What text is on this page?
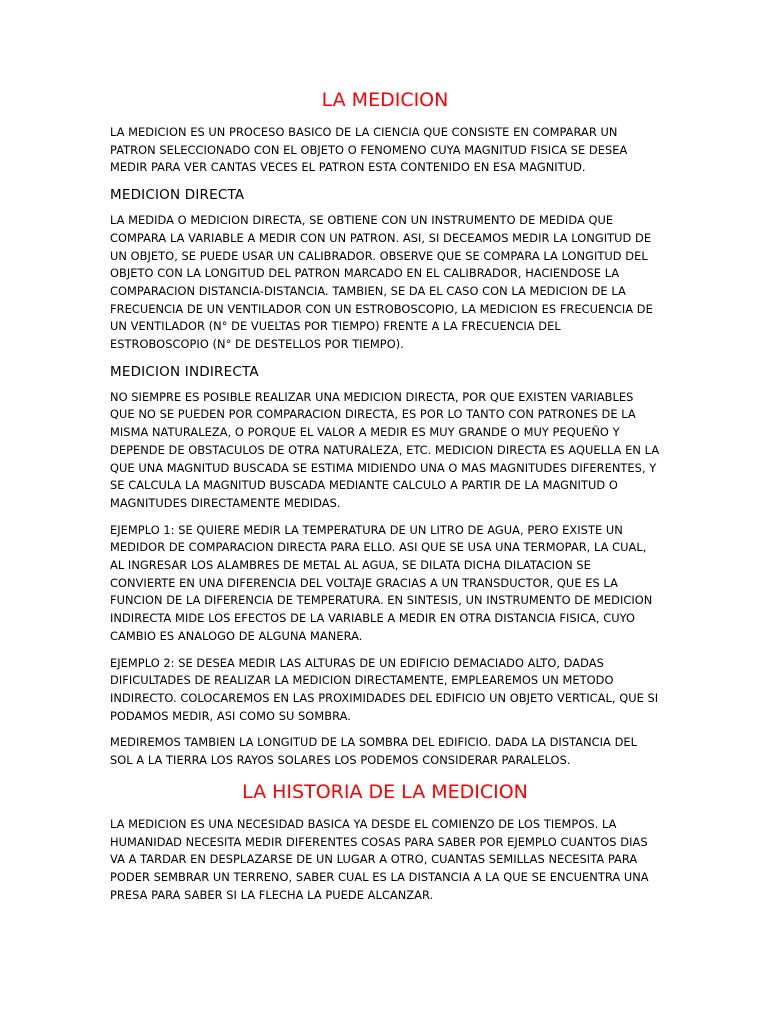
LA MEDICION

LA MEDICION ES UN PROCESO BASICO DE LA CIENCIA QUE CONSISTE EN COMPARAR UN PATRON SELECCIONADO CON EL OBJETO O FENOMENO CUYA MAGNITUD FISICA SE DESEA MEDIR PARA VER CANTAS VECES EL PATRON ESTA CONTENIDO EN ESA MAGNITUD.

MEDICION DIRECTA

LA MEDIDA O MEDICION DIRECTA, SE OBTIENE CON UN INSTRUMENTO DE MEDIDA QUE COMPARA LA VARIABLE A MEDIR CON UN PATRON. ASI, SI DECEAMOS MEDIR LA LONGITUD DE UN OBJETO, SE PUEDE USAR UN CALIBRADOR. OBSERVE QUE SE COMPARA LA LONGITUD DEL OBJETO CON LA LONGITUD DEL PATRON MARCADO EN EL CALIBRADOR, HACIENDOSE LA COMPARACION DISTANCIA-DISTANCIA. TAMBIEN, SE DA EL CASO CON LA MEDICION DE LA FRECUENCIA DE UN VENTILADOR CON UN ESTROBOSCOPIO, LA MEDICION ES FRECUENCIA DE UN VENTILADOR (N° DE VUELTAS POR TIEMPO) FRENTE A LA FRECUENCIA DEL ESTROBOSCOPIO (N° DE DESTELLOS POR TIEMPO).

MEDICION INDIRECTA

NO SIEMPRE ES POSIBLE REALIZAR UNA MEDICION DIRECTA, POR QUE EXISTEN VARIABLES QUE NO SE PUEDEN POR COMPARACION DIRECTA, ES POR LO TANTO CON PATRONES DE LA MISMA NATURALEZA, O PORQUE EL VALOR A MEDIR ES MUY GRANDE O MUY PEQUEÑO Y DEPENDE DE OBSTACULOS DE OTRA NATURALEZA, ETC. MEDICION DIRECTA ES AQUELLA EN LA QUE UNA MAGNITUD BUSCADA SE ESTIMA MIDIENDO UNA O MAS MAGNITUDES DIFERENTES, Y SE CALCULA LA MAGNITUD BUSCADA MEDIANTE CALCULO A PARTIR DE LA MAGNITUD O MAGNITUDES DIRECTAMENTE MEDIDAS.

EJEMPLO 1: SE QUIERE MEDIR LA TEMPERATURA DE UN LITRO DE AGUA, PERO EXISTE UN MEDIDOR DE COMPARACION DIRECTA PARA ELLO. ASI QUE SE USA UNA TERMOPAR, LA CUAL, AL INGRESAR LOS ALAMBRES DE METAL AL AGUA, SE DILATA DICHA DILATACION SE CONVIERTE EN UNA DIFERENCIA DEL VOLTAJE GRACIAS A UN TRANSDUCTOR, QUE ES LA FUNCION DE LA DIFERENCIA DE TEMPERATURA. EN SINTESIS, UN INSTRUMENTO DE MEDICION INDIRECTA MIDE LOS EFECTOS DE LA VARIABLE A MEDIR EN OTRA DISTANCIA FISICA, CUYO CAMBIO ES ANALOGO DE ALGUNA MANERA.

EJEMPLO 2: SE DESEA MEDIR LAS ALTURAS DE UN EDIFICIO DEMACIADO ALTO, DADAS DIFICULTADES DE REALIZAR LA MEDICION DIRECTAMENTE, EMPLEAREMOS UN METODO INDIRECTO. COLOCAREMOS EN LAS PROXIMIDADES DEL EDIFICIO UN OBJETO VERTICAL, QUE SI PODAMOS MEDIR, ASI COMO SU SOMBRA.

MEDIREMOS TAMBIEN LA LONGITUD DE LA SOMBRA DEL EDIFICIO. DADA LA DISTANCIA DEL SOL A LA TIERRA LOS RAYOS SOLARES LOS PODEMOS CONSIDERAR PARALELOS.

LA HISTORIA DE LA MEDICION

LA MEDICION ES UNA NECESIDAD BASICA YA DESDE EL COMIENZO DE LOS TIEMPOS. LA HUMANIDAD NECESITA MEDIR DIFERENTES COSAS PARA SABER POR EJEMPLO CUANTOS DIAS VA A TARDAR EN DESPLAZARSE DE UN LUGAR A OTRO, CUANTAS SEMILLAS NECESITA PARA PODER SEMBRAR UN TERRENO, SABER CUAL ES LA DISTANCIA A LA QUE SE ENCUENTRA UNA PRESA PARA SABER SI LA FLECHA LA PUEDE ALCANZAR.
